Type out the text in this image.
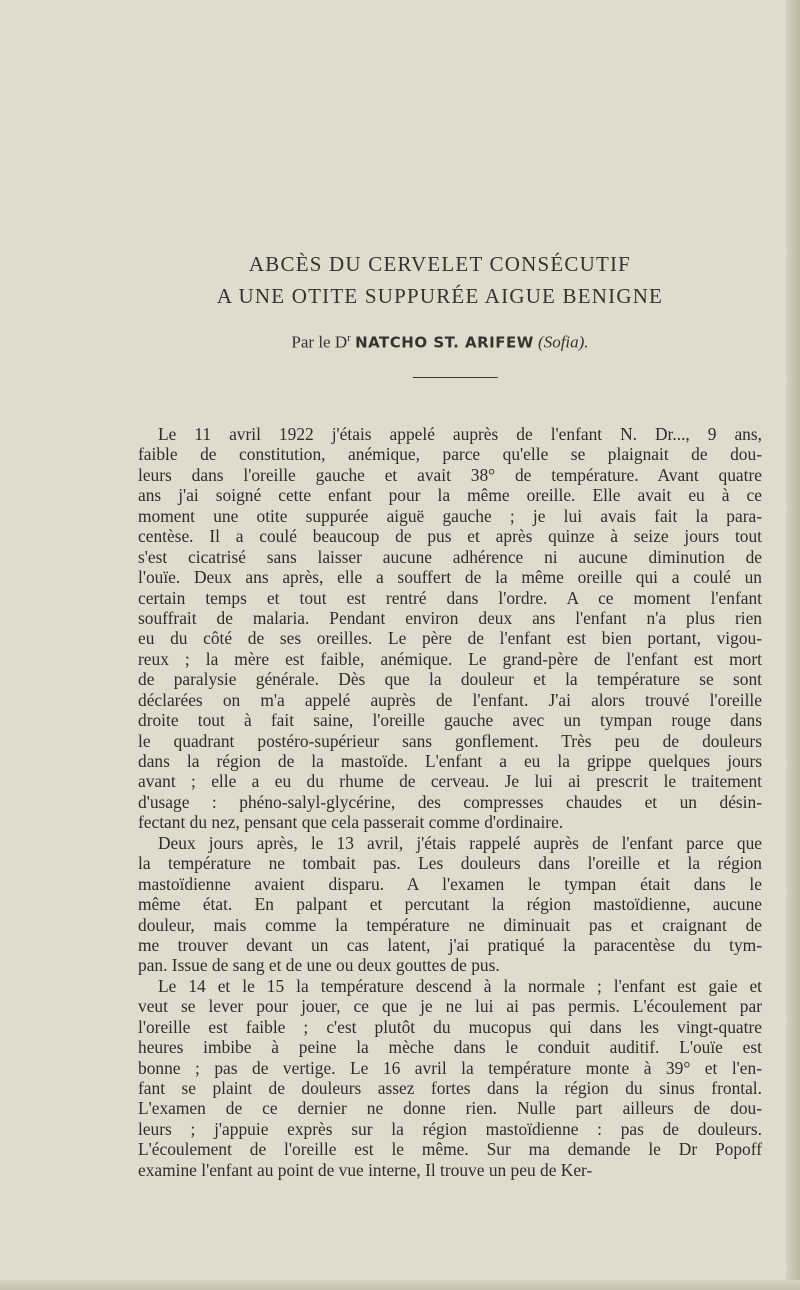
ABCÈS DU CERVELET CONSÉCUTIF
A UNE OTITE SUPPURÉE AIGUE BENIGNE
Par le $D^r$ NATCHO ST. ARIFEW (Sofia).
Le 11 avril 1922 j'étais appelé auprès de l'enfant N. Dr..., 9 ans,
faible de constitution, anémique, parce qu'elle se plaignait de dou-
leurs dans l'oreille gauche et avait 38° de température. Avant quatre
ans j'ai soigné cette enfant pour la même oreille. Elle avait eu à ce
moment une otite suppurée aiguë gauche ; je lui avais fait la para-
centèse. Il a coulé beaucoup de pus et après quinze à seize jours tout
s'est cicatrisé sans laisser aucune adhérence ni aucune diminution de
l'ouïe. Deux ans après, elle a souffert de la même oreille qui a coulé un
certain temps et tout est rentré dans l'ordre. A ce moment l'enfant
souffrait de malaria. Pendant environ deux ans l'enfant n'a plus rien
eu du côté de ses oreilles. Le père de l'enfant est bien portant, vigou-
reux ; la mère est faible, anémique. Le grand-père de l'enfant est mort
de paralysie générale. Dès que la douleur et la température se sont
déclarées on m'a appelé auprès de l'enfant. J'ai alors trouvé l'oreille
droite tout à fait saine, l'oreille gauche avec un tympan rouge dans
le quadrant postéro-supérieur sans gonflement. Très peu de douleurs
dans la région de la mastoïde. L'enfant a eu la grippe quelques jours
avant ; elle a eu du rhume de cerveau. Je lui ai prescrit le traitement
d'usage : phéno-salyl-glycérine, des compresses chaudes et un désin-
fectant du nez, pensant que cela passerait comme d'ordinaire.
Deux jours après, le 13 avril, j'étais rappelé auprès de l'enfant parce que
la température ne tombait pas. Les douleurs dans l'oreille et la région
mastoïdienne avaient disparu. A l'examen le tympan était dans le
même état. En palpant et percutant la région mastoïdienne, aucune
douleur, mais comme la température ne diminuait pas et craignant de
me trouver devant un cas latent, j'ai pratiqué la paracentèse du tym-
pan. Issue de sang et de une ou deux gouttes de pus.
Le 14 et le 15 la température descend à la normale ; l'enfant est gaie et
veut se lever pour jouer, ce que je ne lui ai pas permis. L'écoulement par
l'oreille est faible ; c'est plutôt du mucopus qui dans les vingt-quatre
heures imbibe à peine la mèche dans le conduit auditif. L'ouïe est
bonne ; pas de vertige. Le 16 avril la température monte à 39° et l'en-
fant se plaint de douleurs assez fortes dans la région du sinus frontal.
L'examen de ce dernier ne donne rien. Nulle part ailleurs de dou-
leurs ; j'appuie exprès sur la région mastoïdienne : pas de douleurs.
L'écoulement de l'oreille est le même. Sur ma demande le Dr Popoff
examine l'enfant au point de vue interne, Il trouve un peu de Ker-
